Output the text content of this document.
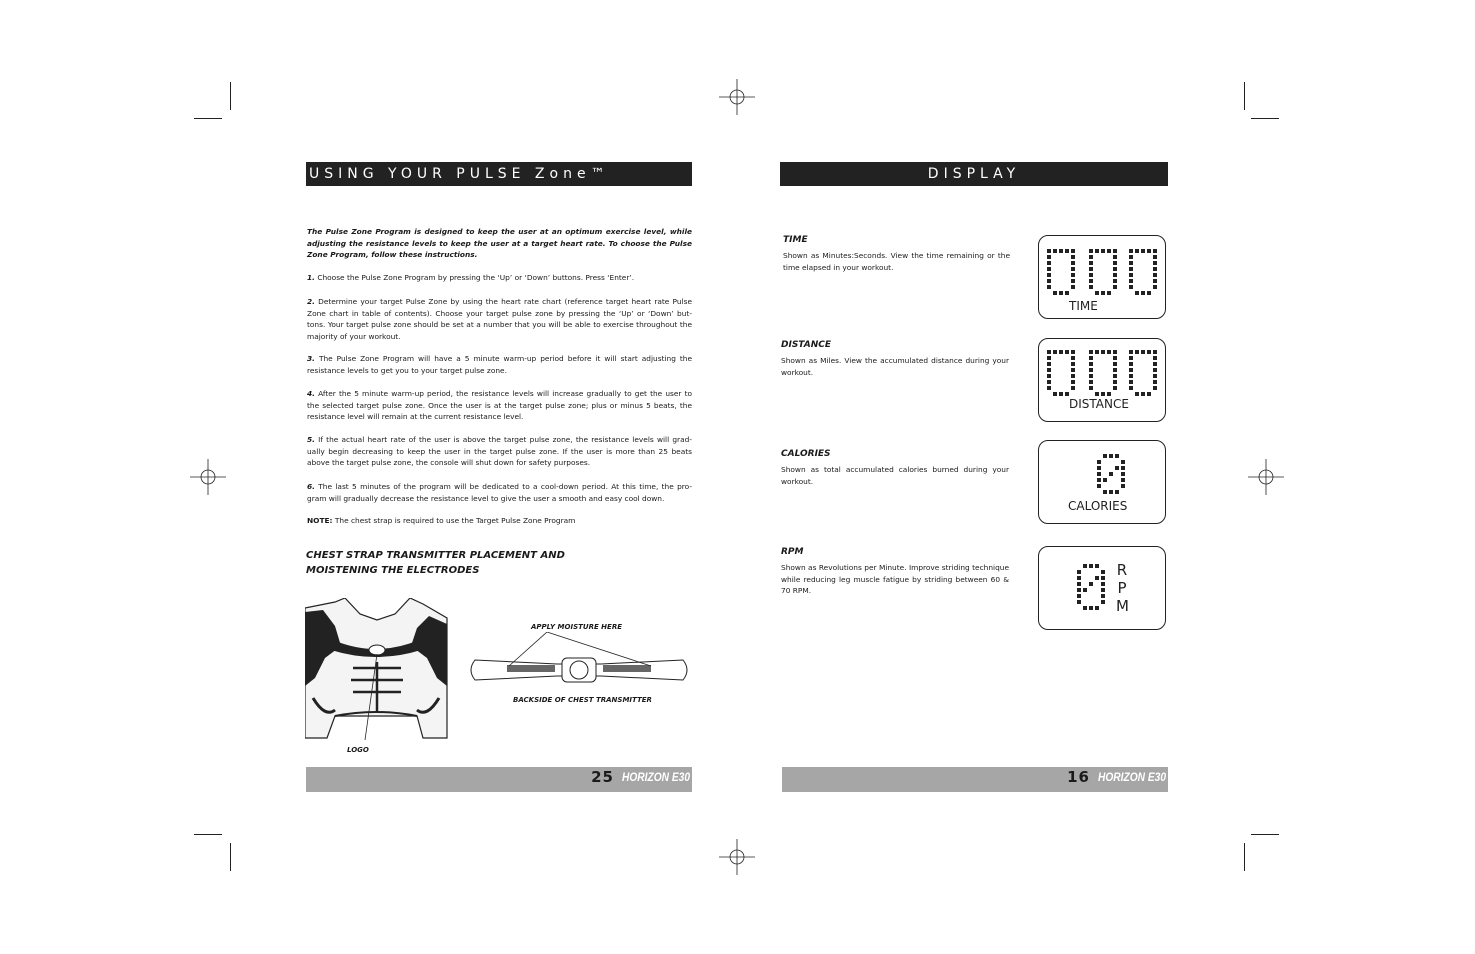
USING YOUR PULSE Zone™ PROGRAM
The Pulse Zone Program is designed to keep the user at an optimum exercise level, while adjusting the resistance levels to keep the user at a target heart rate. To choose the Pulse Zone Program, follow these instructions.
1. Choose the Pulse Zone Program by pressing the ‘Up’ or ‘Down’ buttons. Press ‘Enter’.
2. Determine your target Pulse Zone by using the heart rate chart (reference target heart rate Pulse Zone chart in table of contents). Choose your target pulse zone by pressing the ‘Up’ or ‘Down’ but-tons. Your target pulse zone should be set at a number that you will be able to exercise throughout the majority of your workout.
3. The Pulse Zone Program will have a 5 minute warm-up period before it will start adjusting the resistance levels to get you to your target pulse zone.
4. After the 5 minute warm-up period, the resistance levels will increase gradually to get the user to the selected target pulse zone. Once the user is at the target pulse zone; plus or minus 5 beats, the resistance level will remain at the current resistance level.
5. If the actual heart rate of the user is above the target pulse zone, the resistance levels will grad-ually begin decreasing to keep the user in the target pulse zone. If the user is more than 25 beats above the target pulse zone, the console will shut down for safety purposes.
6. The last 5 minutes of the program will be dedicated to a cool-down period. At this time, the pro-gram will gradually decrease the resistance level to give the user a smooth and easy cool down.
NOTE: The chest strap is required to use the Target Pulse Zone Program
CHEST STRAP TRANSMITTER PLACEMENT AND
MOISTENING THE ELECTRODES
LOGO
APPLY MOISTURE HERE
BACKSIDE OF CHEST TRANSMITTER
25 HORIZON E30
DISPLAY
TIME
Shown as Minutes:Seconds. View the time remaining or the time elapsed in your workout.
DISTANCE
Shown as Miles. View the accumulated distance during your workout.
CALORIES
Shown as total accumulated calories burned during your workout.
RPM
Shown as Revolutions per Minute. Improve striding technique while reducing leg muscle fatigue by striding between 60 & 70 RPM.
TIME
DISTANCE
CALORIES
R P M
16 HORIZON E30
